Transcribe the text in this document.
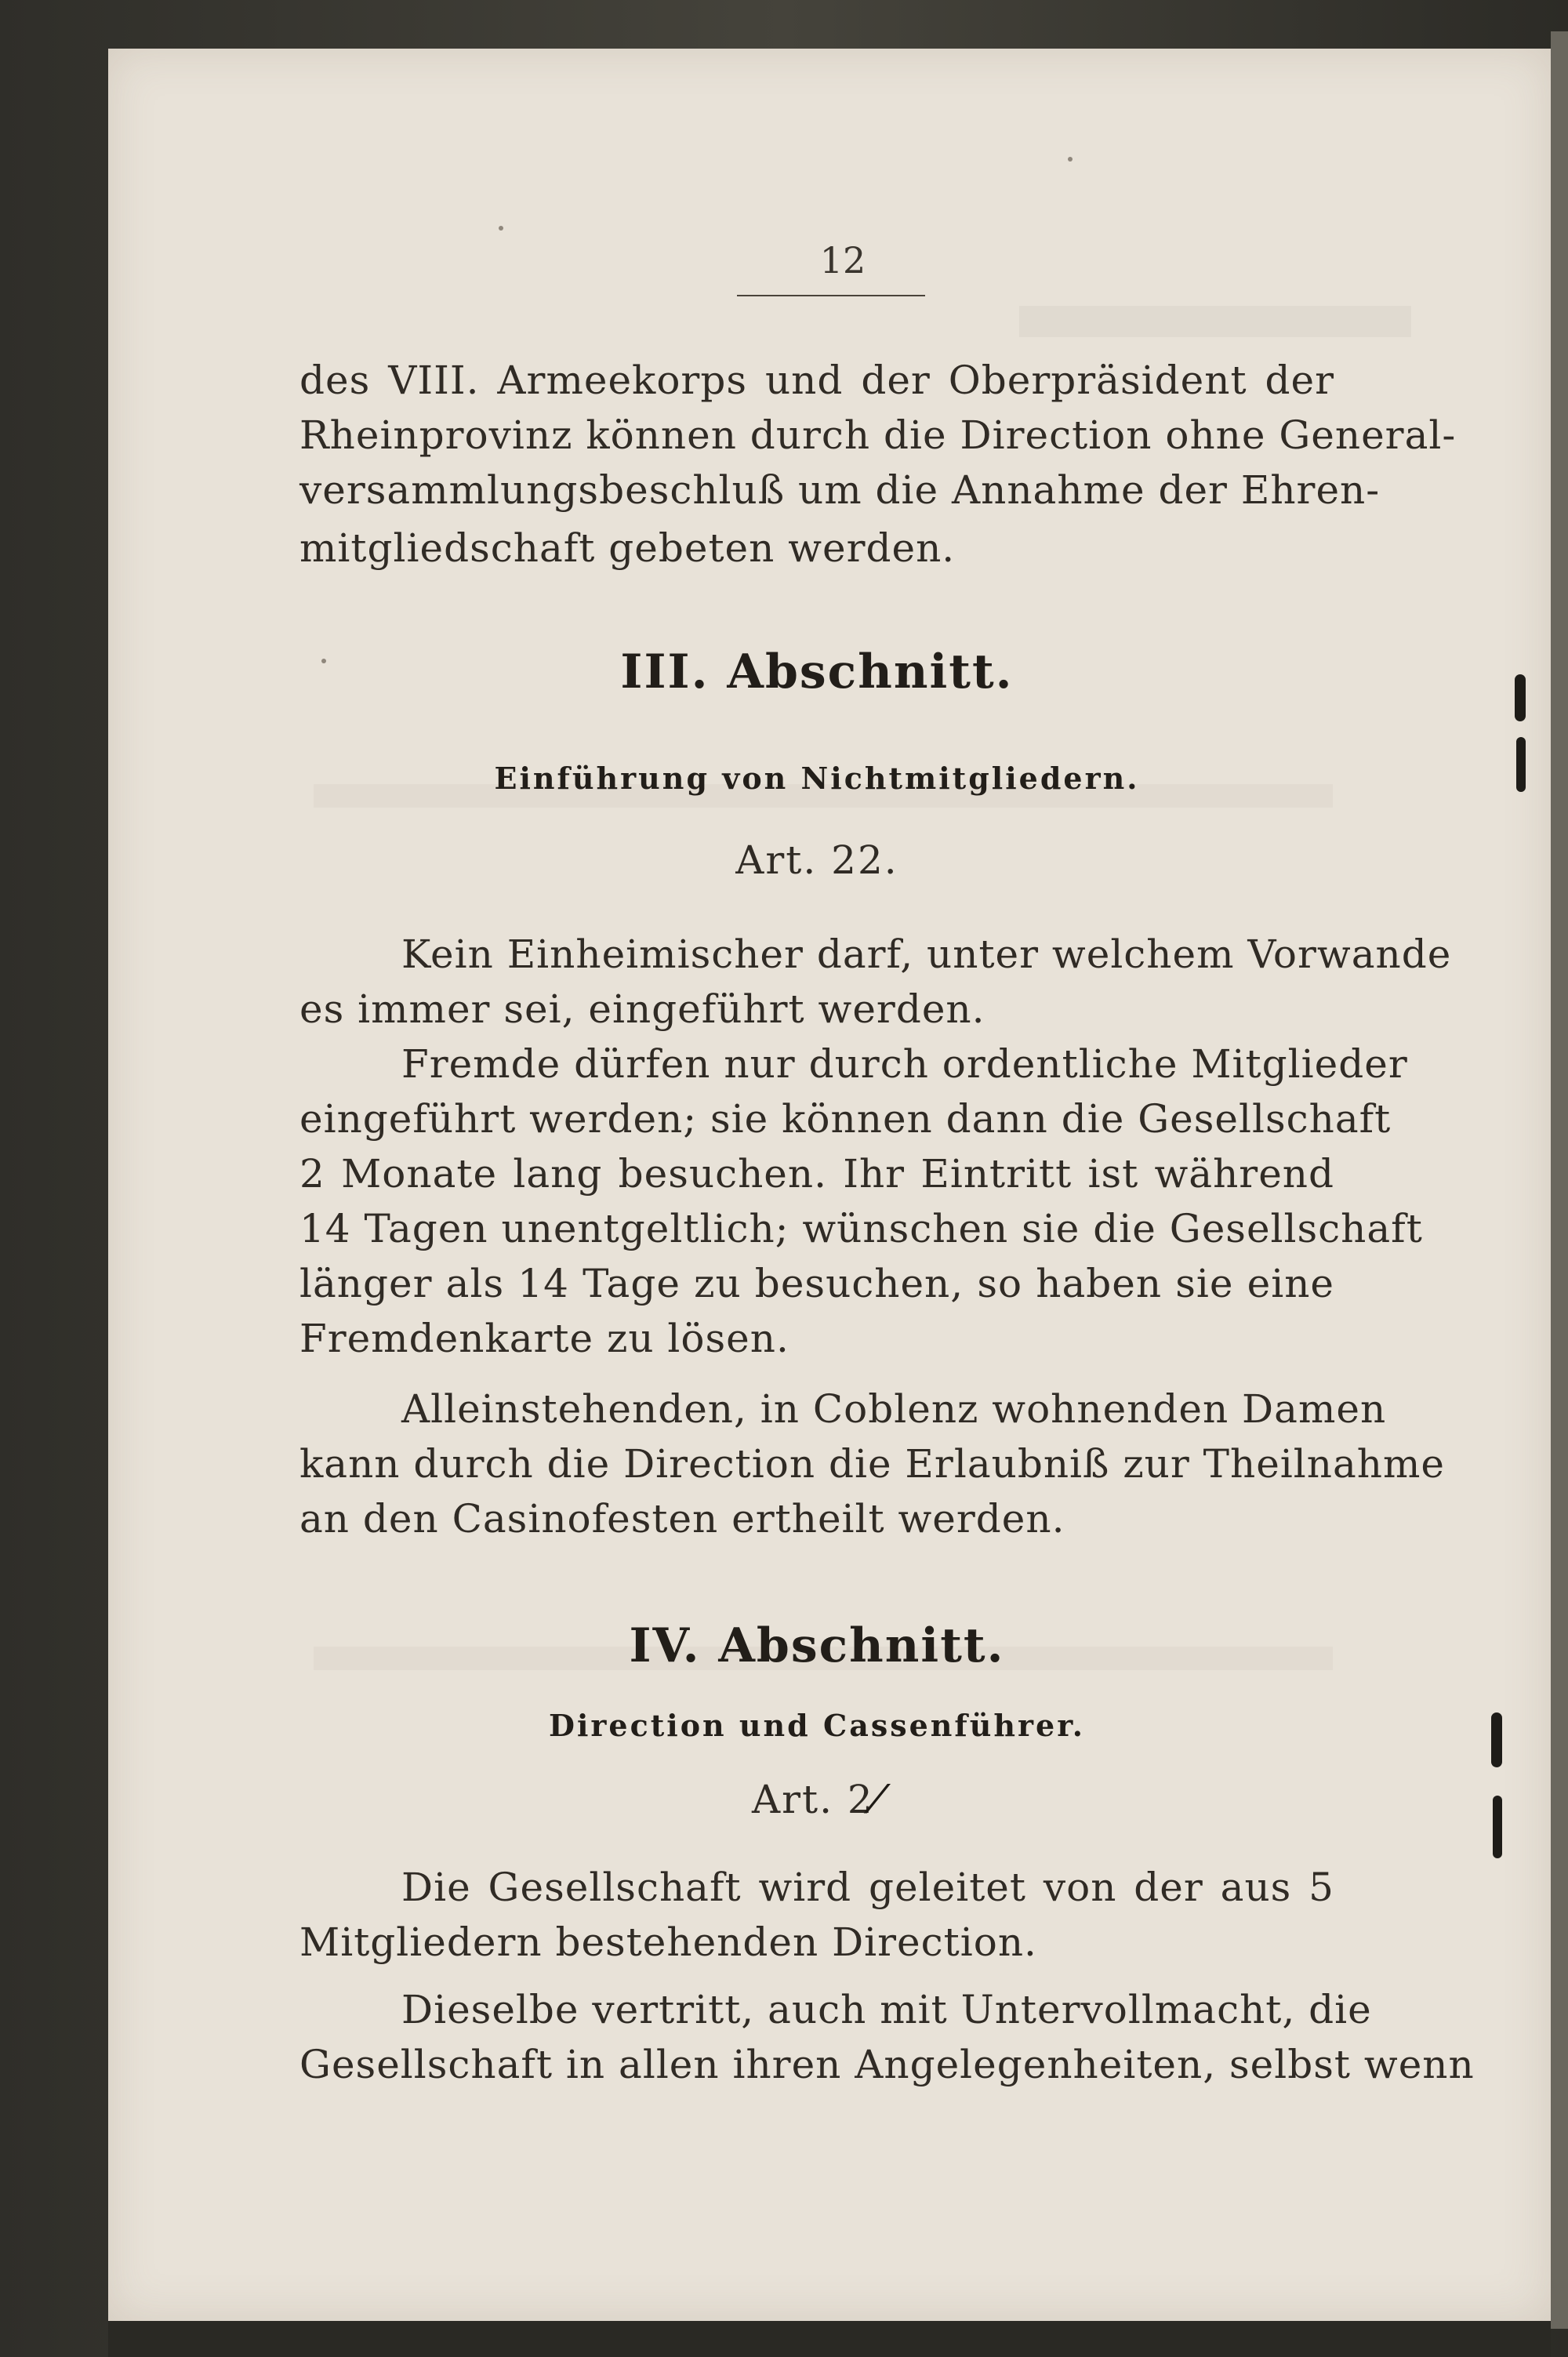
12
des VIII. Armeekorps und der Oberpräsident der
Rheinprovinz können durch die Direction ohne General-
versammlungsbeschluß um die Annahme der Ehren-
mitgliedschaft gebeten werden.
III. Abschnitt.
Einführung von Nichtmitgliedern.
Art. 22.
Kein Einheimischer darf, unter welchem Vorwande
es immer sei, eingeführt werden.
Fremde dürfen nur durch ordentliche Mitglieder
eingeführt werden; sie können dann die Gesellschaft
2 Monate lang besuchen. Ihr Eintritt ist während
14 Tagen unentgeltlich; wünschen sie die Gesellschaft
länger als 14 Tage zu besuchen, so haben sie eine
Fremdenkarte zu lösen.
Alleinstehenden, in Coblenz wohnenden Damen
kann durch die Direction die Erlaubniß zur Theilnahme
an den Casinofesten ertheilt werden.
IV. Abschnitt.
Direction und Cassenführer.
Art. 2⁄
Die Gesellschaft wird geleitet von der aus 5
Mitgliedern bestehenden Direction.
Dieselbe vertritt, auch mit Untervollmacht, die
Gesellschaft in allen ihren Angelegenheiten, selbst wenn
